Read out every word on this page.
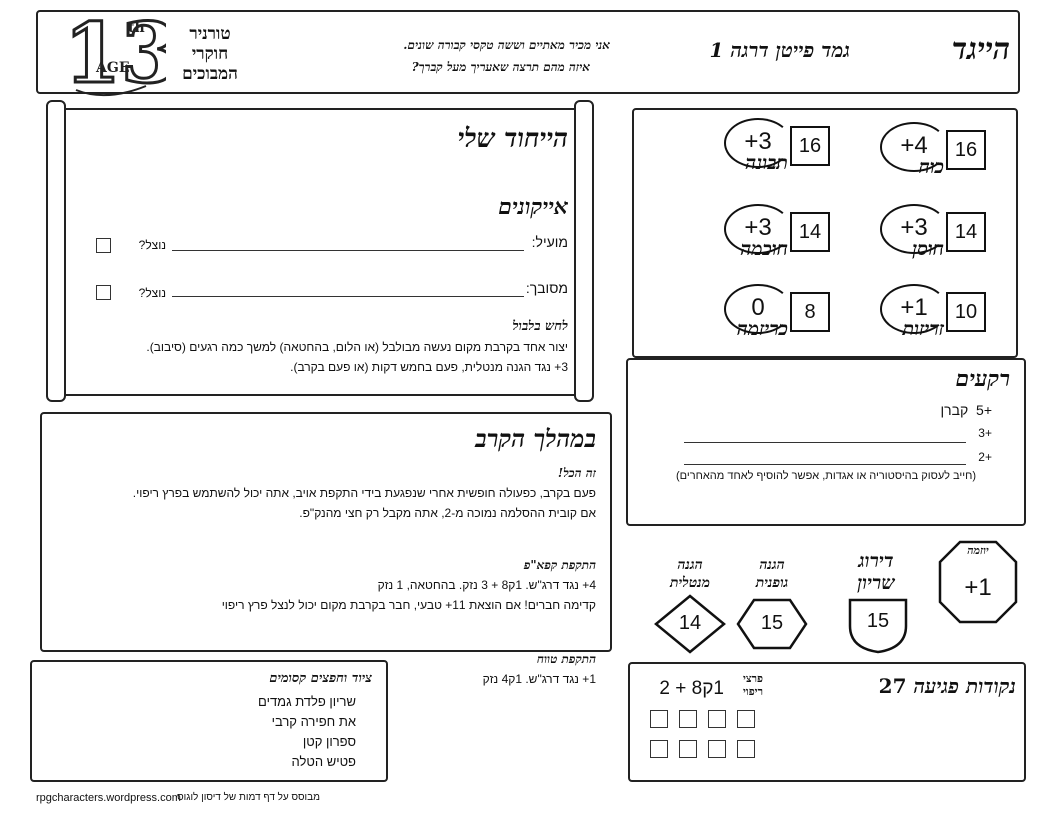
13
th
AGE
טורניר
חוקרי
המבוכים
אני מכיר מאתיים וששה טקסי קבורה שונים.
איזה מהם תרצה שאעריך מעל קברך?
גמד פייטן דרגה 1	הייגד
הייחוד שלי
אייקונים
מועיל:
נוצל?
מסובך:
נוצל?
לחש בלבול
יצור אחד בקרבת מקום נעשה מבולבל (או הלום, בהחטאה) למשך כמה רגעים (סיבוב).
3+ נגד הגנה מנטלית, פעם בחמש דקות (או פעם בקרב).
16
+4
כוח
16
+3
תבונה
14
+3
חוסן
14
+3
חוכמה
10
+1
זריזות
8
0
כריזמה
רקעים
+5  קברן
+3
+2
(חייב לעסוק בהיסטוריה או אגדות, אפשר להוסיף לאחד מהאחרים)
במהלך הקרב
זה הכל!
פעם בקרב, כפעולה חופשית אחרי שנפגעת בידי התקפת אויב, אתה יכול להשתמש בפרץ ריפוי.
אם קובית ההסלמה נמוכה מ-2, אתה מקבל רק חצי מהנק"פ.
התקפת קפא"פ
4+ נגד דרג"ש. 1ק8 + 3 נזק. בהחטאה, 1 נזק
קדימה חברים! אם הוצאת 11+ טבעי, חבר בקרבת מקום יכול לנצל פרץ ריפוי
התקפת טווח
1+ נגד דרג"ש. 1ק4 נזק
ציוד וחפצים קסומים
שריון פלדת גמדים
את חפירה קרבי
ספרון קטן
פטיש הטלה
יוזמה
+1
דירוג
שריון
15
הגנה
גופנית
15
הגנה
מנטלית
14
נקודות פגיעה 27
פרצי
ריפוי
1ק8 + 2
rpgcharacters.wordpress.com
מבוסס על דף דמות של דיסון לוגוס
